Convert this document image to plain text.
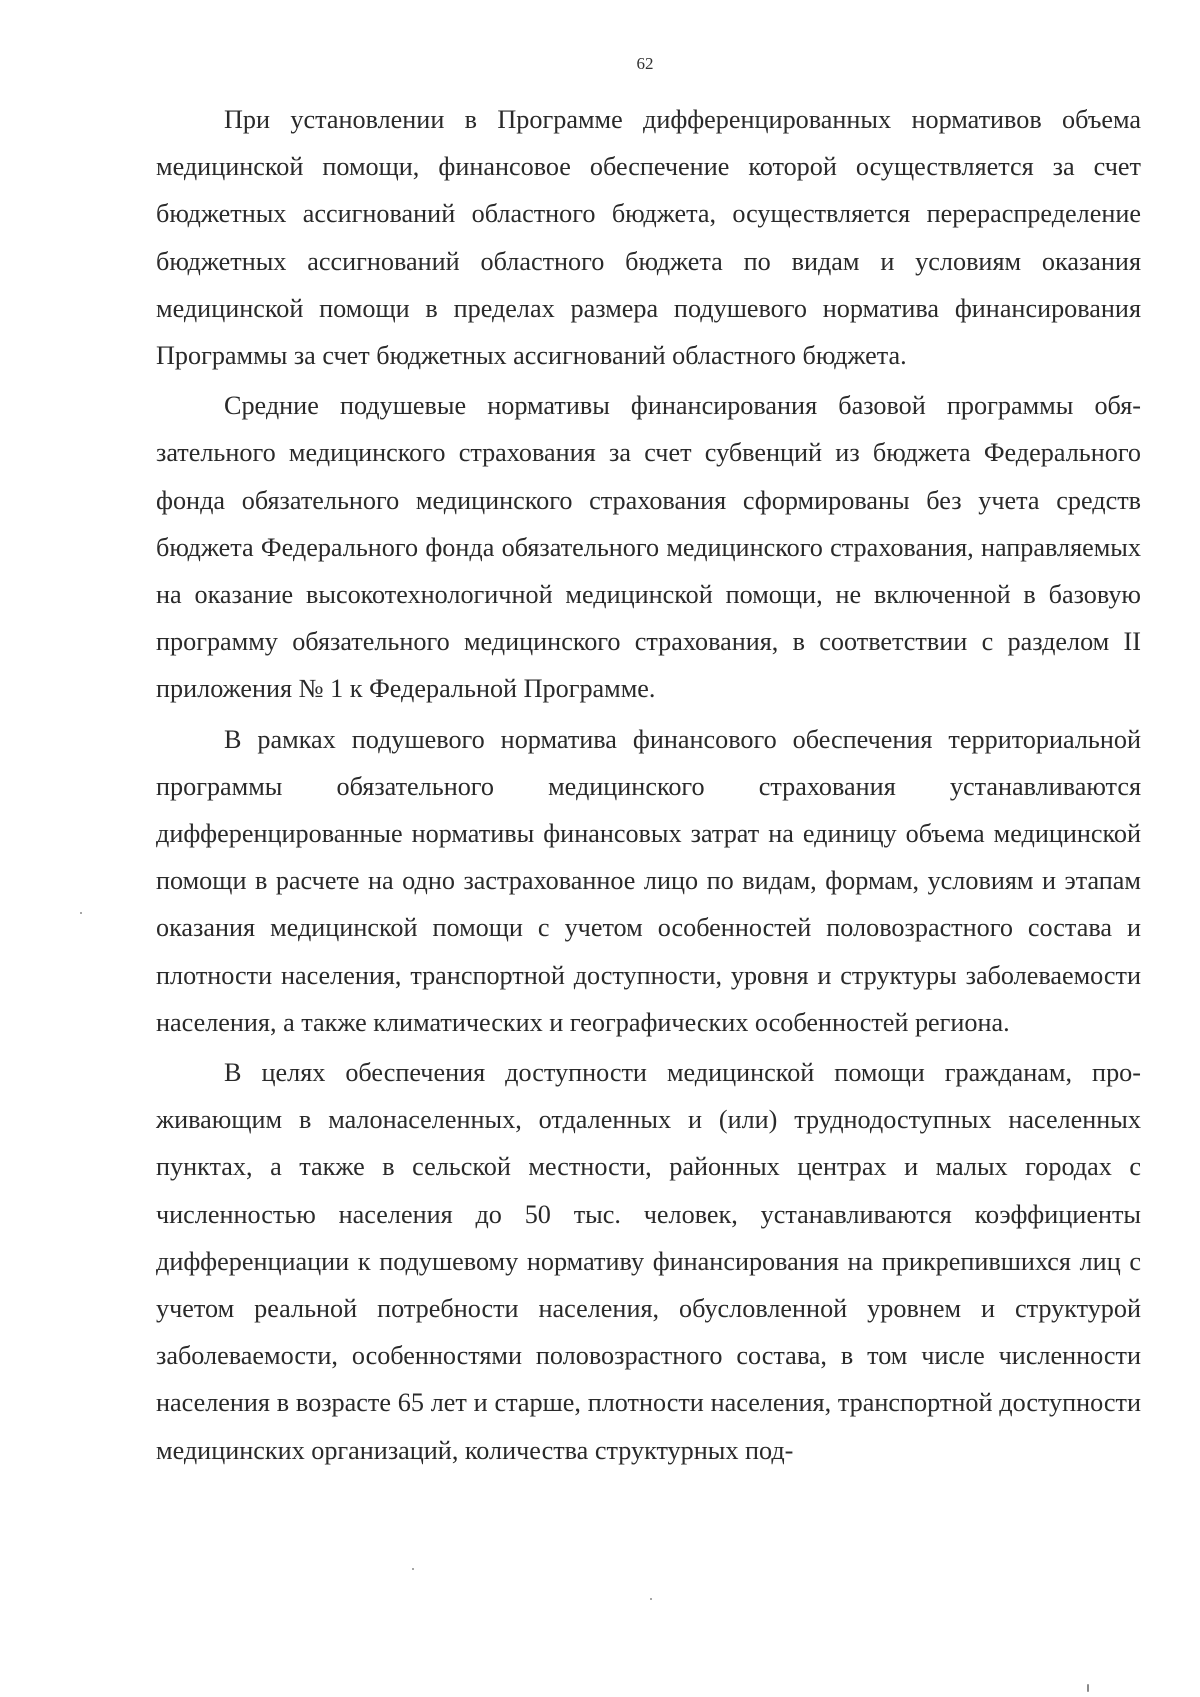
62

При установлении в Программе дифференцированных нормативов объема медицинской помощи, финансовое обеспечение которой осуществляется за счет бюджетных ассигнований областного бюджета, осуществляется перераспределение бюджетных ассигнований областного бюджета по видам и условиям оказания медицинской помощи в пределах размера подушевого норматива финансирования Программы за счет бюджетных ассигнований областного бюджета.

Средние подушевые нормативы финансирования базовой программы обязательного медицинского страхования за счет субвенций из бюджета Федерального фонда обязательного медицинского страхования сформированы без учета средств бюджета Федерального фонда обязательного медицинского страхования, направляемых на оказание высокотехнологичной медицинской помощи, не включенной в базовую программу обязательного медицинского страхования, в соответствии с разделом II приложения № 1 к Федеральной Программе.

В рамках подушевого норматива финансового обеспечения территориальной программы обязательного медицинского страхования устанавливаются дифференцированные нормативы финансовых затрат на единицу объема медицинской помощи в расчете на одно застрахованное лицо по видам, формам, условиям и этапам оказания медицинской помощи с учетом особенностей половозрастного состава и плотности населения, транспортной доступности, уровня и структуры заболеваемости населения, а также климатических и географических особенностей региона.

В целях обеспечения доступности медицинской помощи гражданам, проживающим в малонаселенных, отдаленных и (или) труднодоступных населенных пунктах, а также в сельской местности, районных центрах и малых городах с численностью населения до 50 тыс. человек, устанавливаются коэффициенты дифференциации к подушевому нормативу финансирования на прикрепившихся лиц с учетом реальной потребности населения, обусловленной уровнем и структурой заболеваемости, особенностями половозрастного состава, в том числе численности населения в возрасте 65 лет и старше, плотности населения, транспортной доступности медицинских организаций, количества структурных под-
